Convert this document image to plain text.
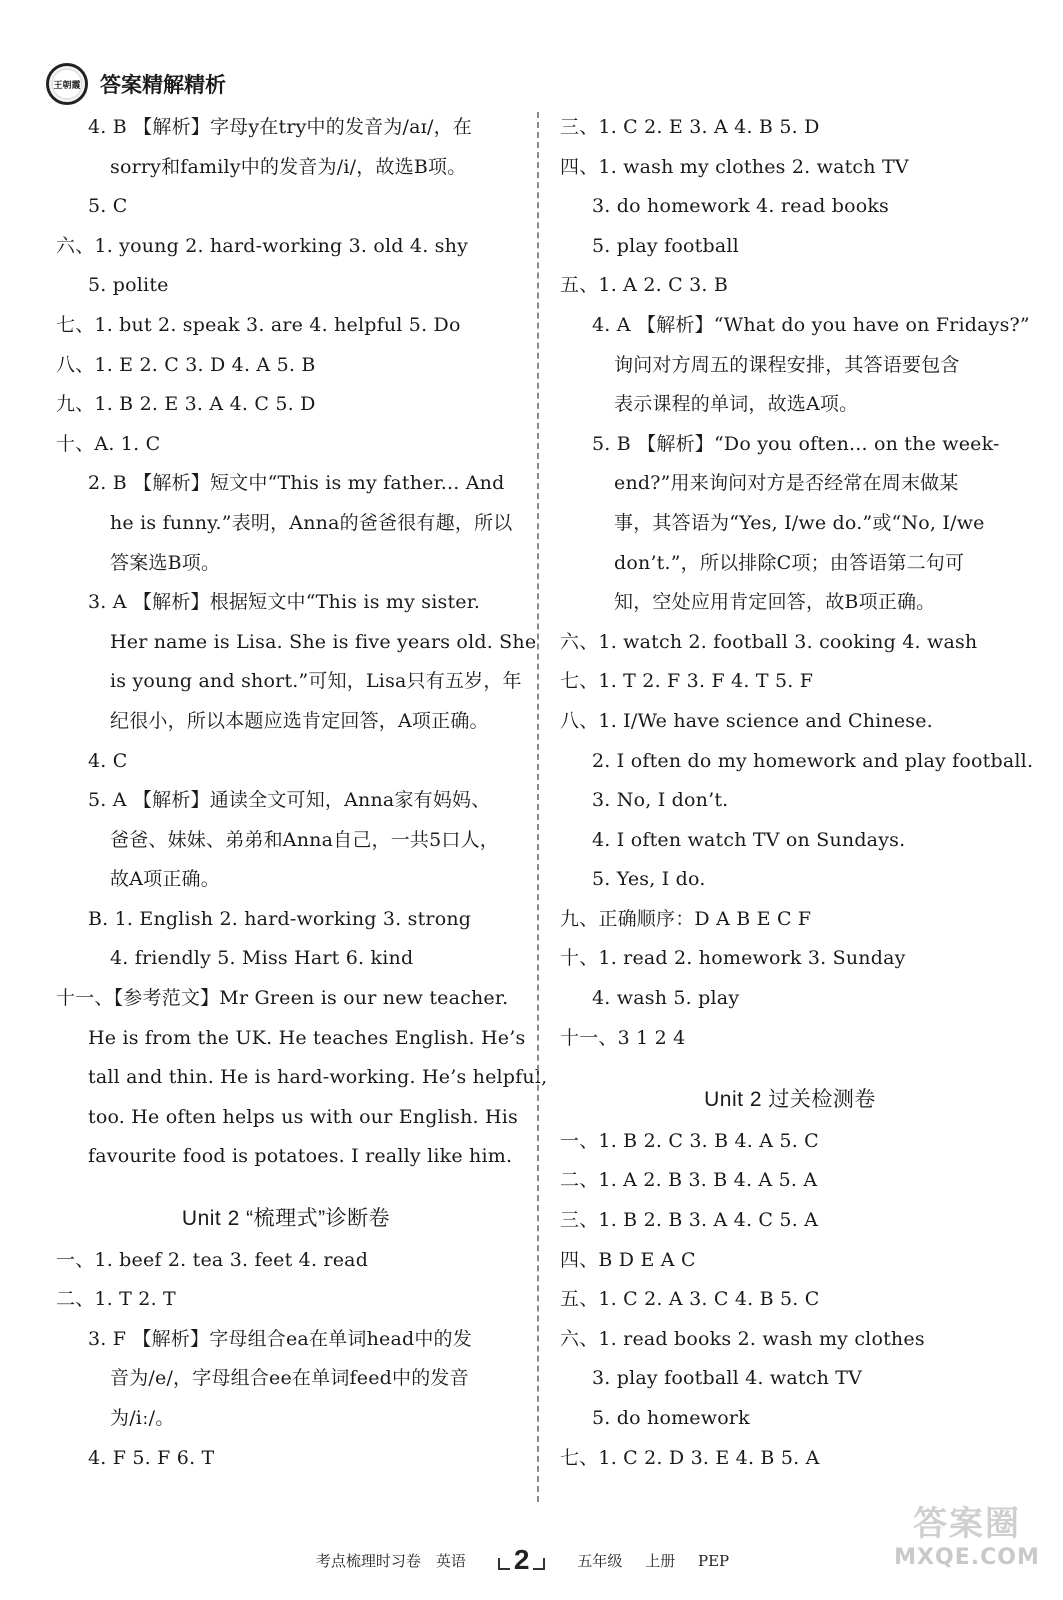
王朝霞 答案精解精析
4. B 【解析】字母y在try中的发音为/aɪ/，在
sorry和family中的发音为/i/，故选B项。
5. C
六、1. young 2. hard-working 3. old 4. shy
5. polite
七、1. but 2. speak 3. are 4. helpful 5. Do
八、1. E 2. C 3. D 4. A 5. B
九、1. B 2. E 3. A 4. C 5. D
十、A. 1. C
2. B 【解析】短文中“This is my father... And
he is funny.”表明，Anna的爸爸很有趣，所以
答案选B项。
3. A 【解析】根据短文中“This is my sister.
Her name is Lisa. She is five years old. She
is young and short.”可知，Lisa只有五岁，年
纪很小，所以本题应选肯定回答，A项正确。
4. C
5. A 【解析】通读全文可知，Anna家有妈妈、
爸爸、妹妹、弟弟和Anna自己，一共5口人，
故A项正确。
B. 1. English 2. hard-working 3. strong
4. friendly 5. Miss Hart 6. kind
十一、【参考范文】Mr Green is our new teacher.
He is from the UK. He teaches English. He’s
tall and thin. He is hard-working. He’s helpful,
too. He often helps us with our English. His
favourite food is potatoes. I really like him.
Unit 2 “梳理式”诊断卷
一、1. beef 2. tea 3. feet 4. read
二、1. T 2. T
3. F 【解析】字母组合ea在单词head中的发
音为/e/，字母组合ee在单词feed中的发音
为/iː/。
4. F 5. F 6. T
三、1. C 2. E 3. A 4. B 5. D
四、1. wash my clothes 2. watch TV
3. do homework 4. read books
5. play football
五、1. A 2. C 3. B
4. A 【解析】“What do you have on Fridays?”
询问对方周五的课程安排，其答语要包含
表示课程的单词，故选A项。
5. B 【解析】“Do you often... on the week-
end?”用来询问对方是否经常在周末做某
事，其答语为“Yes, I/we do.”或“No, I/we
don’t.”，所以排除C项；由答语第二句可
知，空处应用肯定回答，故B项正确。
六、1. watch 2. football 3. cooking 4. wash
七、1. T 2. F 3. F 4. T 5. F
八、1. I/We have science and Chinese.
2. I often do my homework and play football.
3. No, I don’t.
4. I often watch TV on Sundays.
5. Yes, I do.
九、正确顺序：D A B E C F
十、1. read 2. homework 3. Sunday
4. wash 5. play
十一、3 1 2 4
Unit 2 过关检测卷
一、1. B 2. C 3. B 4. A 5. C
二、1. A 2. B 3. B 4. A 5. A
三、1. B 2. B 3. A 4. C 5. A
四、B D E A C
五、1. C 2. A 3. C 4. B 5. C
六、1. read books 2. wash my clothes
3. play football 4. watch TV
5. do homework
七、1. C 2. D 3. E 4. B 5. A
考点梳理时习卷　英语 2	五年级 上册 PEP
答案圈
MXQE.COM
